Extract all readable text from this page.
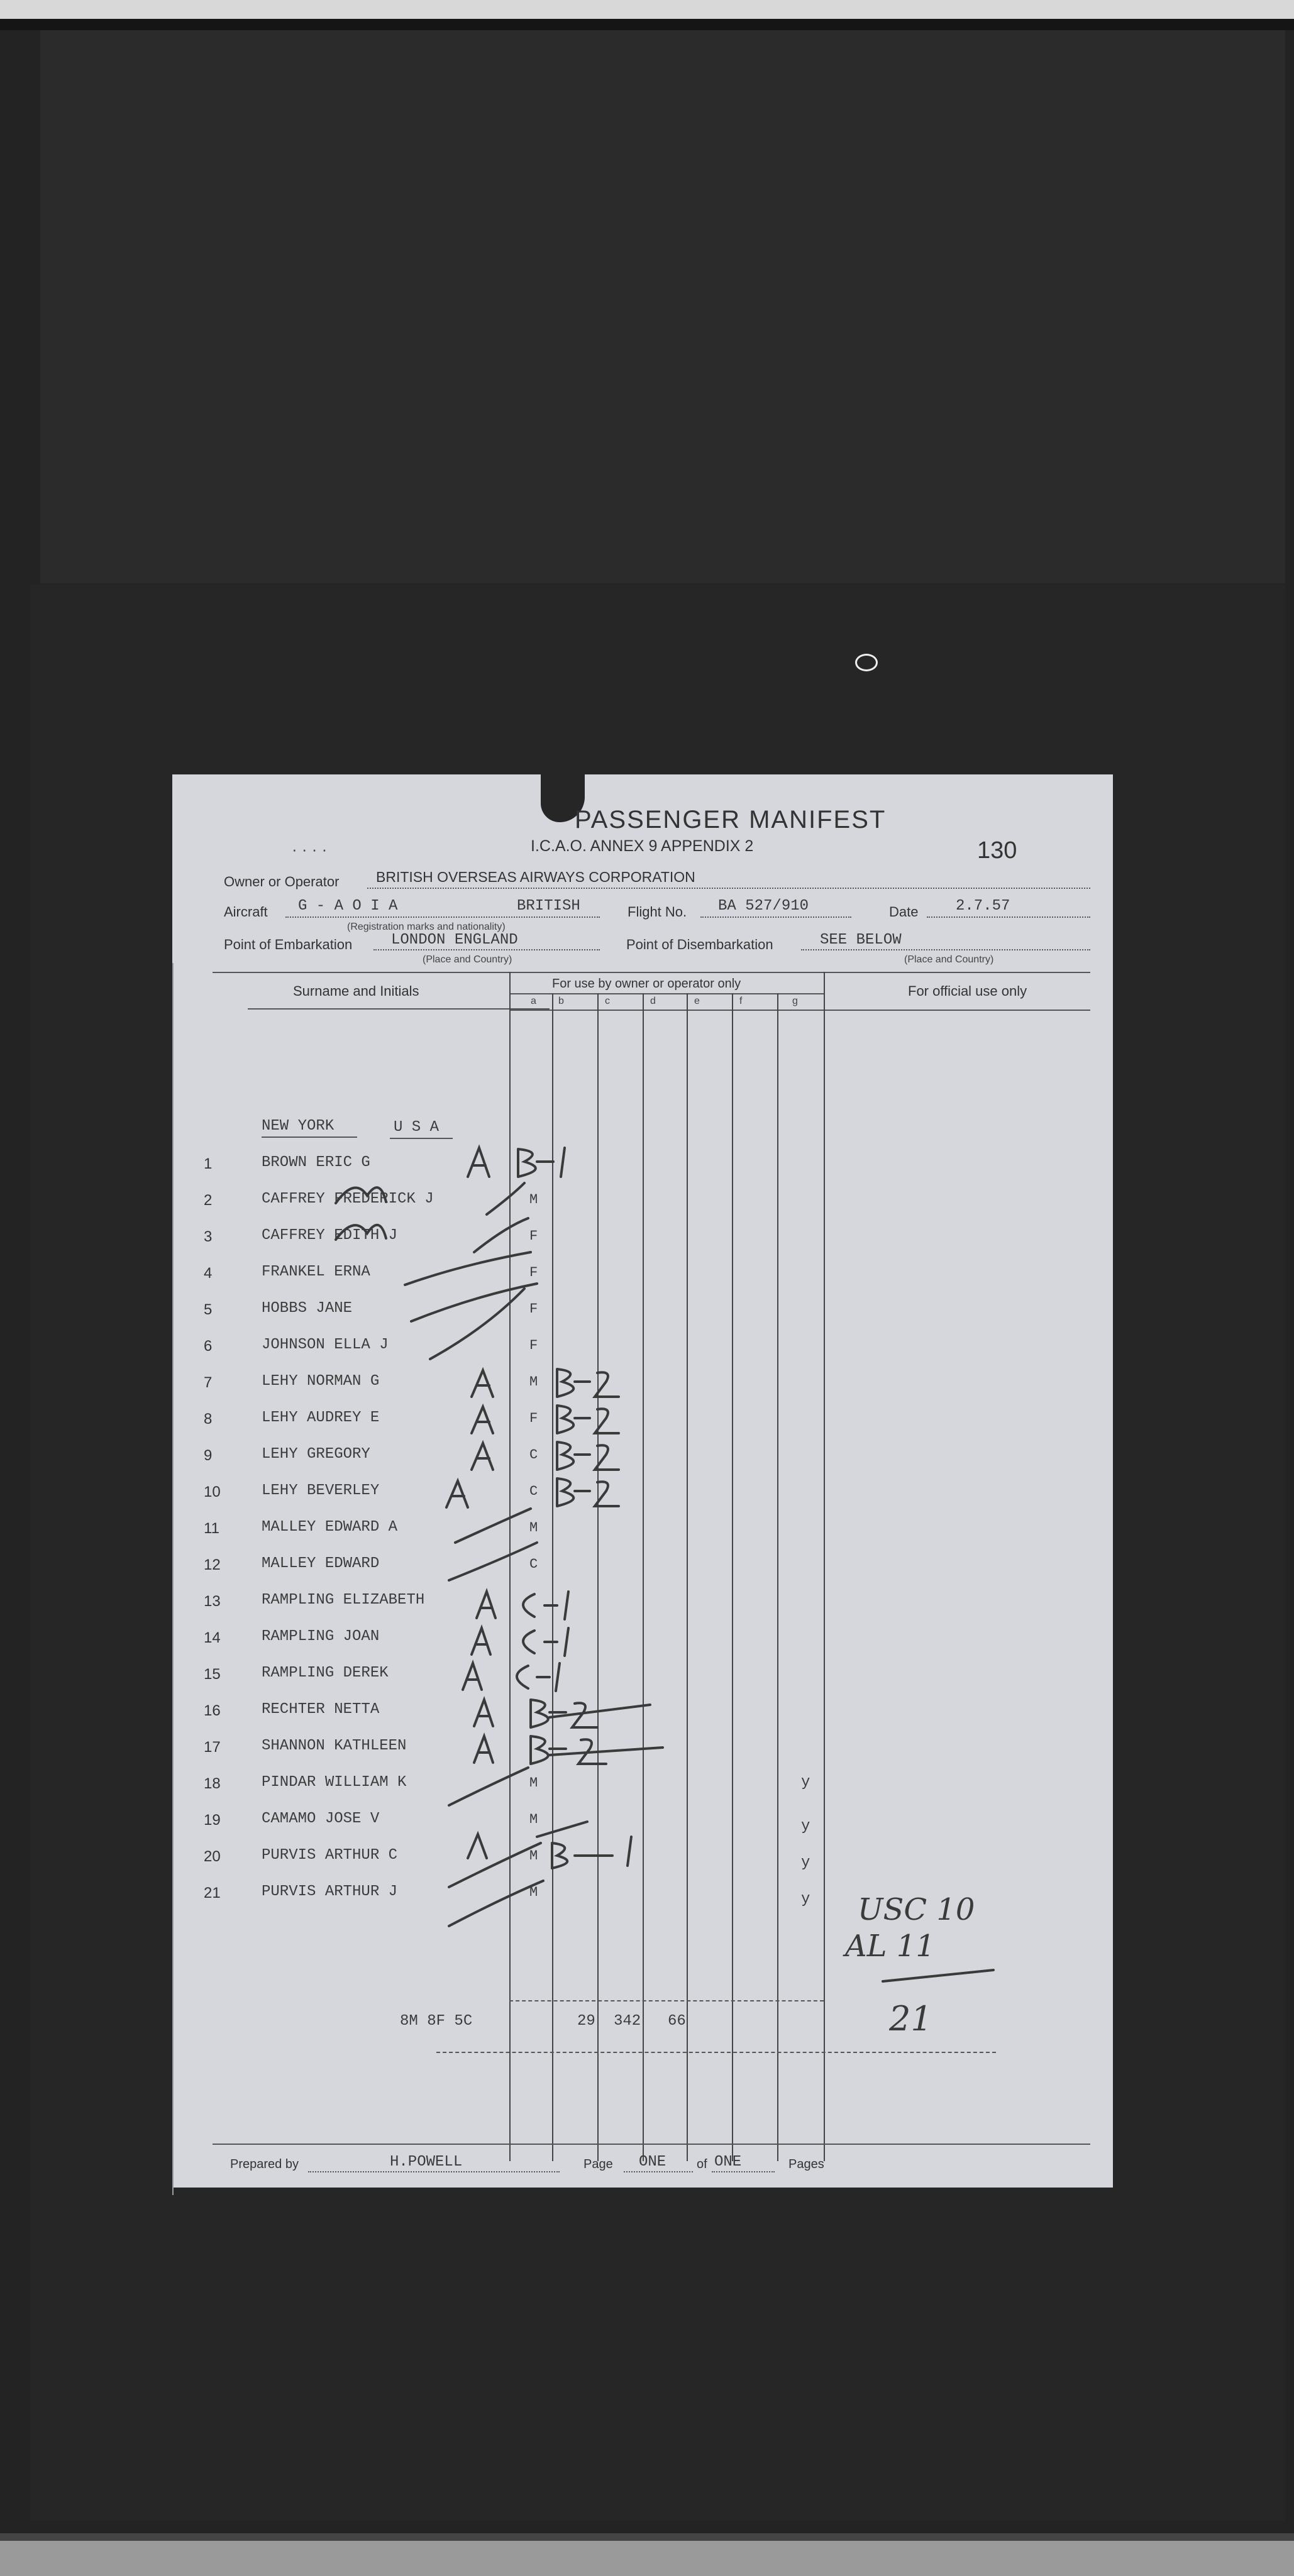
· · · ·
PASSENGER MANIFEST
I.C.A.O. ANNEX 9 APPENDIX 2	130
Owner or Operator	BRITISH OVERSEAS AIRWAYS CORPORATION
Aircraft G - A O I A	BRITISH
(Registration marks and nationality)
Flight No. BA 527/910	Date 2.7.57
Point of Embarkation	LONDON ENGLAND
(Place and Country)
Point of Disembarkation	SEE BELOW
(Place and Country)
Surname and Initials	For use by owner or operator only	For official use only
a b	c	d	e	f	g
NEW YORK	U S A
1	BROWN ERIC G
2	CAFFREY FREDERICK J	M
3	CAFFREY EDITH J	F
4	FRANKEL ERNA	F
5	HOBBS JANE	F
6	JOHNSON ELLA J	F
7	LEHY NORMAN G	M
8	LEHY AUDREY E	F
9	LEHY GREGORY	C
10	LEHY BEVERLEY	C
11	MALLEY EDWARD A	M
12	MALLEY EDWARD	C
13	RAMPLING ELIZABETH
14	RAMPLING JOAN
15	RAMPLING DEREK
16	RECHTER NETTA
17	SHANNON KATHLEEN
18	PINDAR WILLIAM K	M	y
19	CAMAMO JOSE V	M	y
20	PURVIS ARTHUR C	M	y
21	PURVIS ARTHUR J	M	y
8M 8F 5C	29 342 66
USC 10
AL 11
21
Prepared by	H.POWELL	Page ONE of ONE	Pages
